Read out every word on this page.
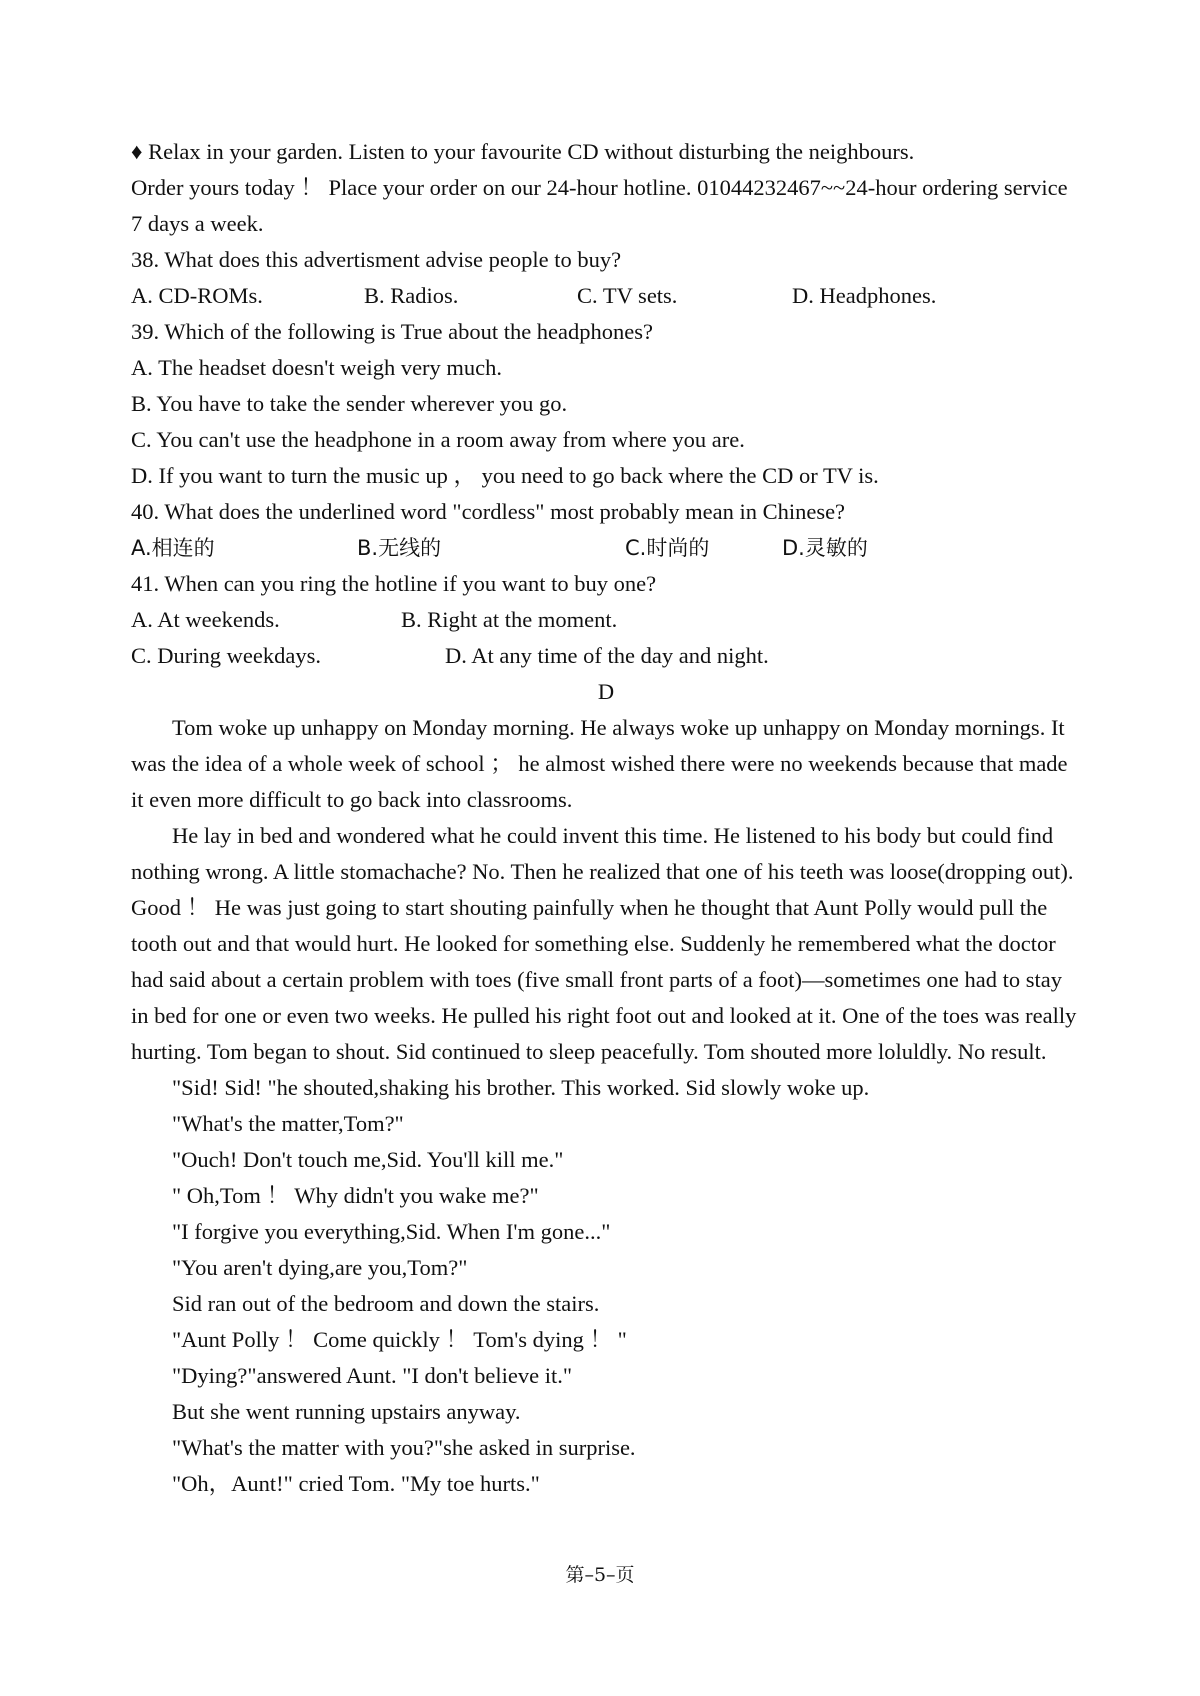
♦ Relax in your garden. Listen to your favourite CD without disturbing the neighbours.

Order yours today ！ Place your order on our 24-hour hotline. 01044232467~~24-hour ordering service 7 days a week.

38. What does this advertisment advise people to buy?

A. CD-ROMs.	B. Radios.	C. TV sets.	D. Headphones.

39. Which of the following is True about the headphones?

A. The headset doesn't weigh very much.

B. You have to take the sender wherever you go.

C. You can't use the headphone in a room away from where you are.

D. If you want to turn the music up ， you need to go back where the CD or TV is.

40. What does the underlined word "cordless" most probably mean in Chinese?

A.相连的	B.无线的	C.时尚的	D.灵敏的

41. When can you ring the hotline if you want to buy one?

A. At weekends.	B. Right at the moment.
C. During weekdays.	D. At any time of the day and night.

D

Tom woke up unhappy on Monday morning. He always woke up unhappy on Monday mornings. It was the idea of a whole week of school ； he almost wished there were no weekends because that made it even more difficult to go back into classrooms.

He lay in bed and wondered what he could invent this time. He listened to his body but could find nothing wrong. A little stomachache? No. Then he realized that one of his teeth was loose(dropping out). Good ！ He was just going to start shouting painfully when he thought that Aunt Polly would pull the tooth out and that would hurt. He looked for something else. Suddenly he remembered what the doctor had said about a certain problem with toes (five small front parts of a foot)—sometimes one had to stay in bed for one or even two weeks. He pulled his right foot out and looked at it. One of the toes was really hurting. Tom began to shout. Sid continued to sleep peacefully. Tom shouted more loluldly. No result.

"Sid! Sid! "he shouted,shaking his brother. This worked. Sid slowly woke up.

"What's the matter,Tom?"

"Ouch! Don't touch me,Sid. You'll kill me."

" Oh,Tom ！ Why didn't you wake me?"

"I forgive you everything,Sid. When I'm gone..."

"You aren't dying,are you,Tom?"

Sid ran out of the bedroom and down the stairs.

"Aunt Polly ！ Come quickly ！ Tom's dying ！ "

"Dying?"answered Aunt. "I don't believe it."

But she went running upstairs anyway.

"What's the matter with you?"she asked in surprise.

"Oh，Aunt!" cried Tom. "My toe hurts."

第–5–页
